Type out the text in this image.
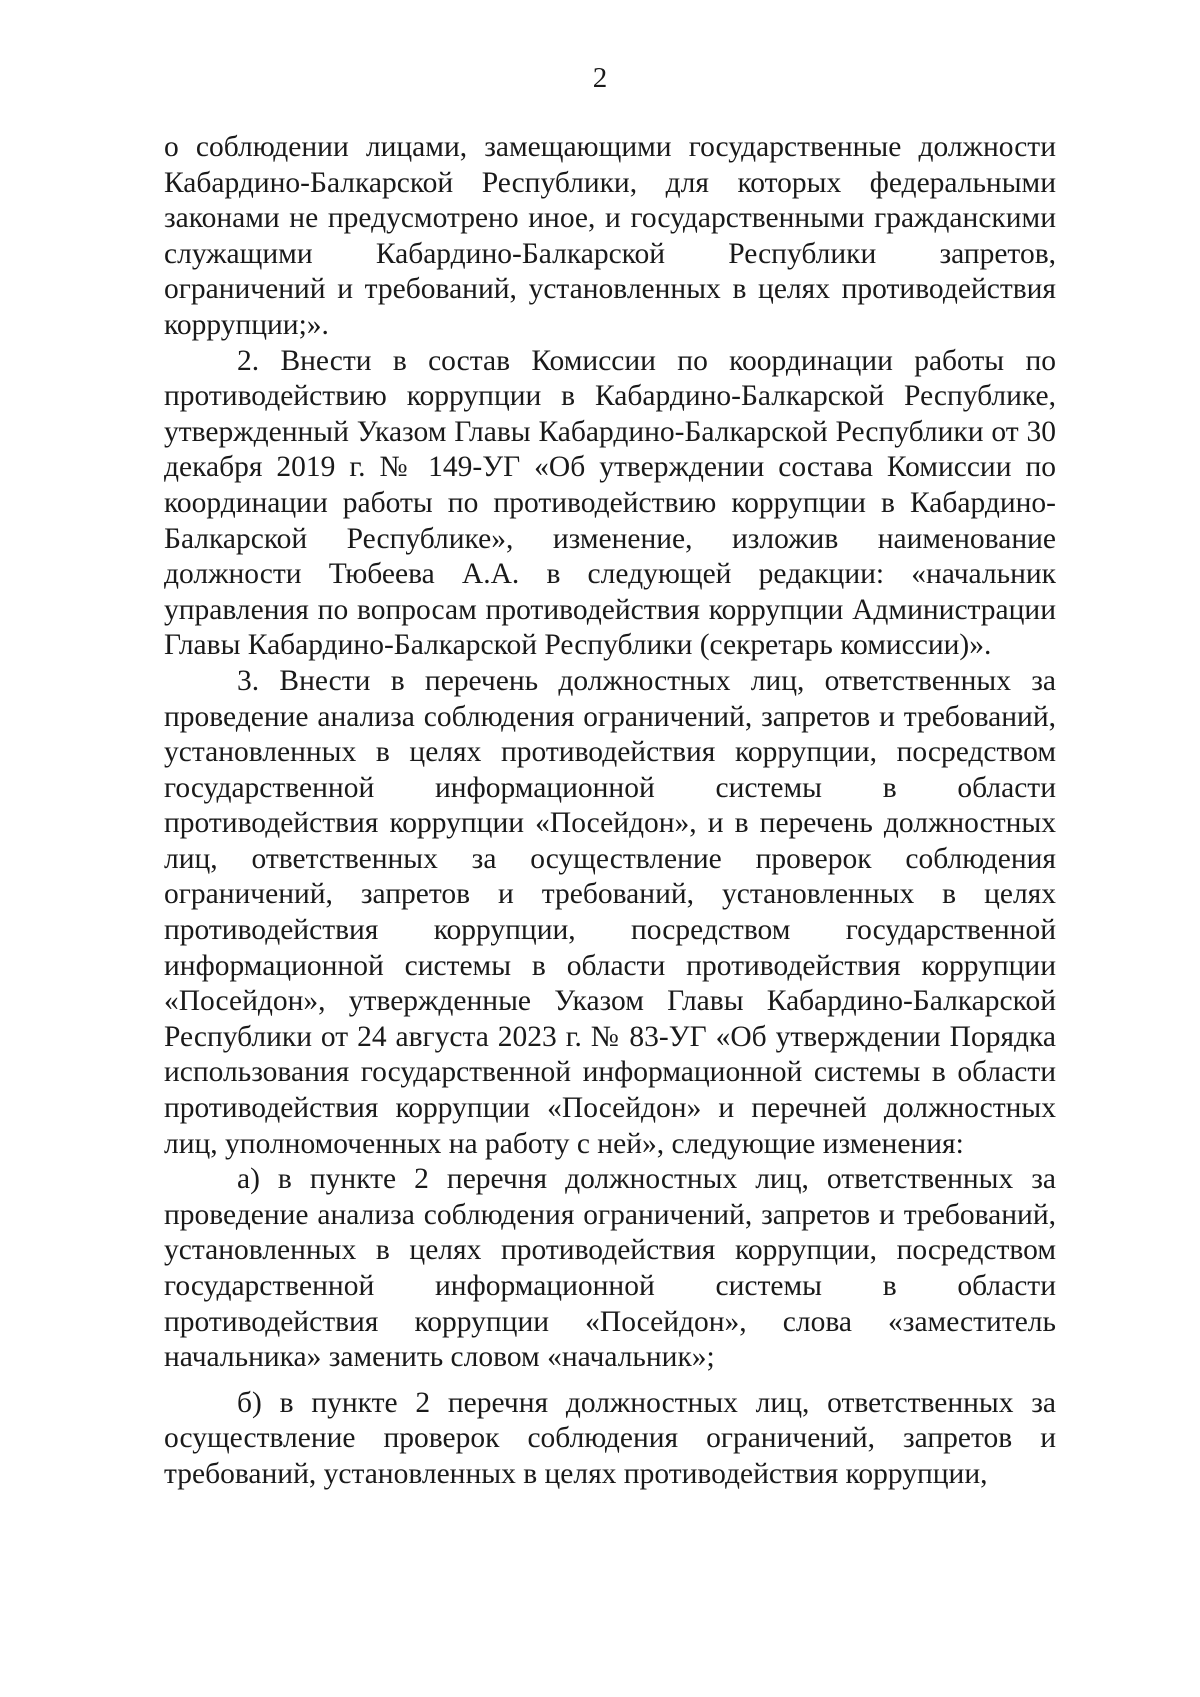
2

о соблюдении лицами, замещающими государственные должности Кабардино-Балкарской Республики, для которых федеральными законами не предусмотрено иное, и государственными гражданскими служащими Кабардино-Балкарской Республики запретов, ограничений и требований, установленных в целях противодействия коррупции;».

2. Внести в состав Комиссии по координации работы по противодействию коррупции в Кабардино-Балкарской Республике, утвержденный Указом Главы Кабардино-Балкарской Республики от 30 декабря 2019 г. № 149-УГ «Об утверждении состава Комиссии по координации работы по противодействию коррупции в Кабардино-Балкарской Республике», изменение, изложив наименование должности Тюбеева А.А. в следующей редакции: «начальник управления по вопросам противодействия коррупции Администрации Главы Кабардино-Балкарской Республики (секретарь комиссии)».

3. Внести в перечень должностных лиц, ответственных за проведение анализа соблюдения ограничений, запретов и требований, установленных в целях противодействия коррупции, посредством государственной информационной системы в области противодействия коррупции «Посейдон», и в перечень должностных лиц, ответственных за осуществление проверок соблюдения ограничений, запретов и требований, установленных в целях противодействия коррупции, посредством государственной информационной системы в области противодействия коррупции «Посейдон», утвержденные Указом Главы Кабардино-Балкарской Республики от 24 августа 2023 г. № 83-УГ «Об утверждении Порядка использования государственной информационной системы в области противодействия коррупции «Посейдон» и перечней должностных лиц, уполномоченных на работу с ней», следующие изменения:

а) в пункте 2 перечня должностных лиц, ответственных за проведение анализа соблюдения ограничений, запретов и требований, установленных в целях противодействия коррупции, посредством государственной информационной системы в области противодействия коррупции «Посейдон», слова «заместитель начальника» заменить словом «начальник»;

б) в пункте 2 перечня должностных лиц, ответственных за осуществление проверок соблюдения ограничений, запретов и требований, установленных в целях противодействия коррупции,
